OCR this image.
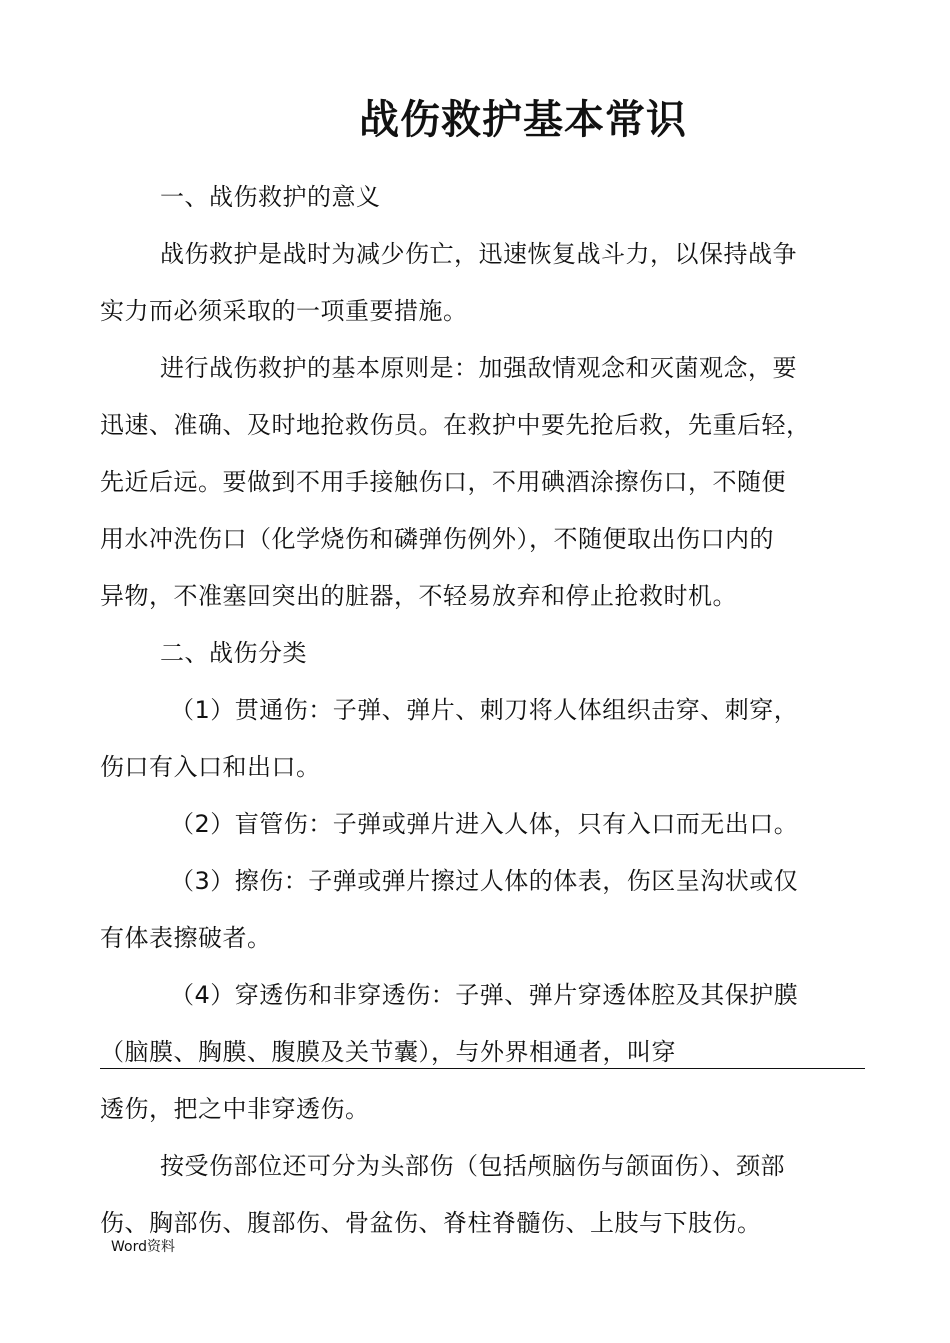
战伤救护基本常识

一、战伤救护的意义

战伤救护是战时为减少伤亡，迅速恢复战斗力，以保持战争

实力而必须采取的一项重要措施。

进行战伤救护的基本原则是：加强敌情观念和灭菌观念，要

迅速、准确、及时地抢救伤员。在救护中要先抢后救，先重后轻，

先近后远。要做到不用手接触伤口，不用碘酒涂擦伤口，不随便

用水冲洗伤口（化学烧伤和磷弹伤例外），不随便取出伤口内的

异物，不准塞回突出的脏器，不轻易放弃和停止抢救时机。

二、战伤分类

（1）贯通伤：子弹、弹片、刺刀将人体组织击穿、刺穿，

伤口有入口和出口。

（2）盲管伤：子弹或弹片进入人体，只有入口而无出口。

（3）擦伤：子弹或弹片擦过人体的体表，伤区呈沟状或仅

有体表擦破者。

（4）穿透伤和非穿透伤：子弹、弹片穿透体腔及其保护膜

（脑膜、胸膜、腹膜及关节囊），与外界相通者，叫穿

透伤，把之中非穿透伤。

按受伤部位还可分为头部伤（包括颅脑伤与颌面伤）、颈部

伤、胸部伤、腹部伤、骨盆伤、脊柱脊髓伤、上肢与下肢伤。

Word资料
